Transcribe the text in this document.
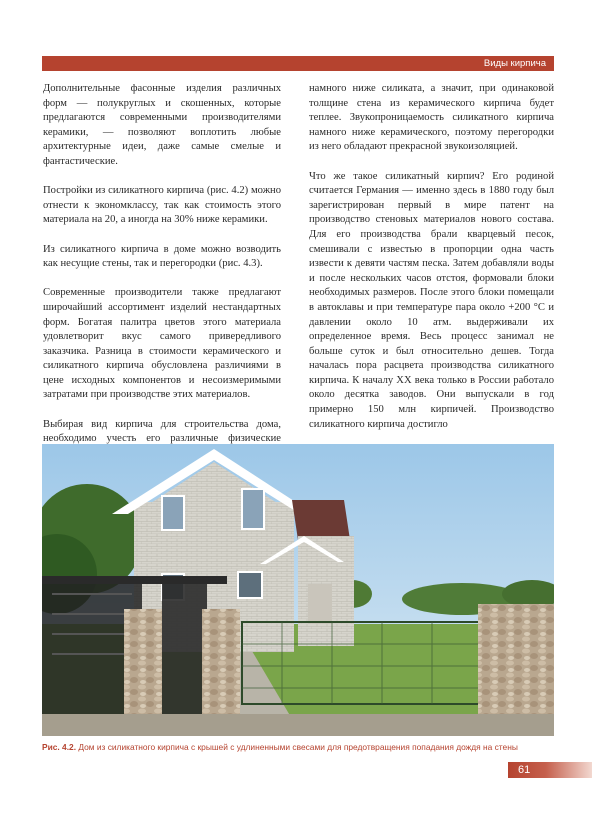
Виды кирпича

Дополнительные фасонные изделия различных форм — полукруглых и скошенных, которые предлагаются современными производителями керамики, — позволяют воплотить любые архитектурные идеи, даже самые смелые и фантастические.

Постройки из силикатного кирпича (рис. 4.2) можно отнести к экономклассу, так как стоимость этого материала на 20, а иногда на 30% ниже керамики.

Из силикатного кирпича в доме можно возводить как несущие стены, так и перегородки (рис. 4.3).

Современные производители также предлагают широчайший ассортимент изделий нестандартных форм. Богатая палитра цветов этого материала удовлетворит вкус самого привередливого заказчика. Разница в стоимости керамического и силикатного кирпича обусловлена различиями в цене исходных компонентов и несоизмеримыми затратами при производстве этих материалов.

Выбирая вид кирпича для строительства дома, необходимо учесть его различные физические

намного ниже силиката, а значит, при одинаковой толщине стена из керамического кирпича будет теплее. Звукопроницаемость силикатного кирпича намного ниже керамического, поэтому перегородки из него обладают прекрасной звукоизоляцией.

Что же такое силикатный кирпич? Его родиной считается Германия — именно здесь в 1880 году был зарегистрирован первый в мире патент на производство стеновых материалов нового состава. Для его производства брали кварцевый песок, смешивали с известью в пропорции одна часть извести к девяти частям песка. Затем добавляли воды и после нескольких часов отстоя, формовали блоки необходимых размеров. После этого блоки помещали в автоклавы и при температуре пара около +200 °С и давлении около 10 атм. выдерживали их определенное время. Весь процесс занимал не больше суток и был относительно дешев. Тогда началась пора расцвета производства силикатного кирпича. К началу XX века только в России работало около десятка заводов. Они выпускали в год примерно 150 млн кирпичей. Производство силикатного кирпича достигло

Рис. 4.2. Дом из силикатного кирпича с крышей с удлиненными свесами для предотвращения попадания дождя на стены
61
